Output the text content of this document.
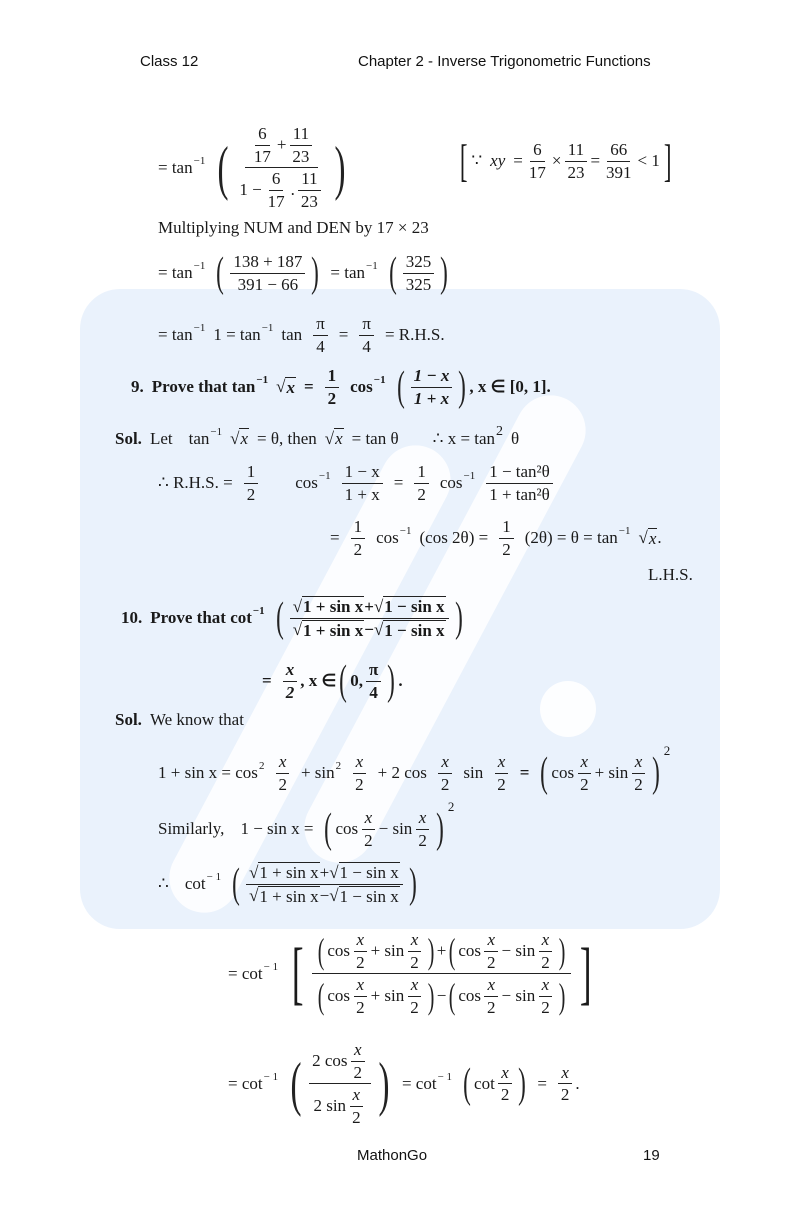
Class 12	Chapter 2 - Inverse Trigonometric Functions
= tan −1 ( $\frac{\frac{6}{17} + \frac{11}{23}}{1 - \frac{6}{17} . \frac{11}{23}}$ ) [ ∵ xy = $\frac{6}{17} \times \frac{11}{23} = \frac{66}{391} < 1$ ]
Multiplying NUM and DEN by 17 × 23
= tan −1 ( $\frac{138 + 187}{391 - 66}$ ) = tan −1 ( $\frac{325}{325}$ )
= tan −1 1 = tan −1 $\tan \frac{\pi}{4} = \frac{\pi}{4} = R.H.S$.
9. Prove that tan −1 √ $x = \frac{1}{2}$ cos −1 ( $\frac{1 - x}{1 + x}$ ) , x ∈ [0, 1].
Sol. Let tan −1 √ x = θ, then √ x = tan θ ∴ x = tan 2 θ
∴ R.H.S. = $\frac{1}{2}$ $\cos -1 \frac{1 - x}{1 + x} = \frac{1}{2}$ $\cos -1 \frac{\text{1 − tan²θ}}{\text{1 + tan²θ}}$
= $\frac{1}{2}$ cos −1 (cos $2\theta) = \frac{1}{2} (2\theta) = \theta = \tan -1$ √ x .
L.H.S.
10. Prove that cot −1 ( $\frac{\text{√ 1 + sin x + √ 1 − sin x}}{\text{√ 1 + sin x − √ 1 − sin x}}$ )
= $\frac{x}{2}$ , x ∈ ( 0, $\frac{\pi}{4}$ ) .
Sol. We know that
$1 + \sin x = \cos 2 \frac{x}{2} + \sin 2 \frac{x}{2} + 2$ $\cos \frac{x}{2}$ $\sin \frac{x}{2}$ = ( $\cos \frac{x}{2} + \sin \frac{x}{2}$ ) 2
Similarly, 1 − sin x = ( $\cos \frac{x}{2} - \sin \frac{x}{2}$ ) 2
∴ cot − 1 ( $\frac{\text{√ 1 + sin x + √ 1 − sin x}}{\text{√ 1 + sin x − √ 1 − sin x}}$ )
= cot − 1 [ ( $\cos \frac{x}{2} + \sin \frac{x}{2}$ ) + ( $\cos \frac{x}{2} - \sin \frac{x}{2}$ )
( $\cos \frac{x}{2} + \sin \frac{x}{2}$ ) − ( $\cos \frac{x}{2} - \sin \frac{x}{2}$ ) ]
= cot − 1 ( $\frac{2 \cos \frac{x}{2}}{2 \sin \frac{x}{2}}$ ) = cot − 1 ( $\cot \frac{x}{2}$ ) = $\frac{x}{2}$ .
MathonGo	19
